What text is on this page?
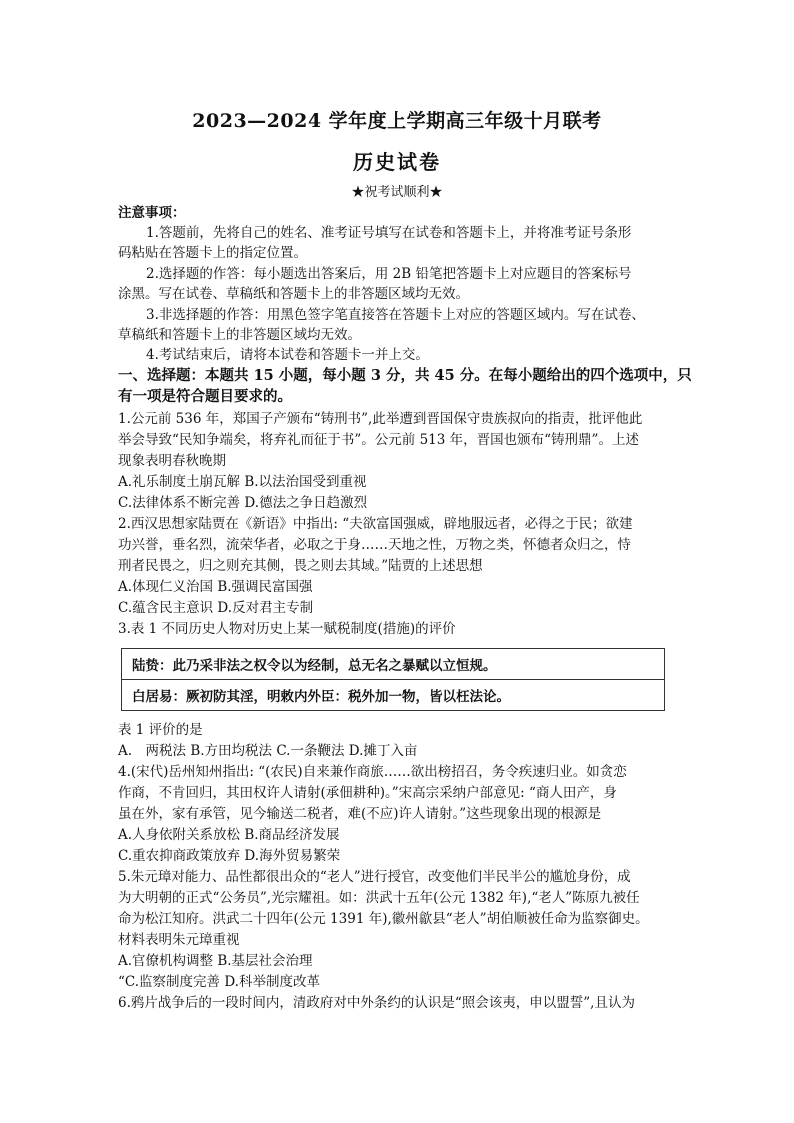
2023—2024 学年度上学期高三年级十月联考
历史试卷
★祝考试顺利★
注意事项：
1.答题前，先将自己的姓名、准考证号填写在试卷和答题卡上，并将准考证号条形
码粘贴在答题卡上的指定位置。
2.选择题的作答：每小题选出答案后，用 2B 铅笔把答题卡上对应题目的答案标号
涂黑。写在试卷、草稿纸和答题卡上的非答题区域均无效。
3.非选择题的作答：用黑色签字笔直接答在答题卡上对应的答题区域内。写在试卷、
草稿纸和答题卡上的非答题区域均无效。
4.考试结束后，请将本试卷和答题卡一并上交。
一、选择题：本题共 15 小题，每小题 3 分，共 45 分。在每小题给出的四个选项中，只
有一项是符合题目要求的。
1.公元前 536 年，郑国子产颁布“铸刑书”,此举遭到晋国保守贵族叔向的指责，批评他此
举会导致“民知争端矣，将弃礼而征于书”。公元前 513 年，晋国也颁布“铸刑鼎”。上述
现象表明春秋晚期
A.礼乐制度土崩瓦解 B.以法治国受到重视
C.法律体系不断完善 D.德法之争日趋激烈
2.西汉思想家陆贾在《新语》中指出: “夫欲富国强威，辟地服远者，必得之于民；欲建
功兴誉，垂名烈，流荣华者，必取之于身……天地之性，万物之类，怀德者众归之，恃
刑者民畏之，归之则充其侧，畏之则去其域。”陆贾的上述思想
A.体现仁义治国 B.强调民富国强
C.蕴含民主意识 D.反对君主专制
3.表 1 不同历史人物对历史上某一赋税制度(措施)的评价
陆贽：此乃采非法之权令以为经制，总无名之暴赋以立恒规。
白居易：厥初防其淫，明敕内外臣：税外加一物，皆以枉法论。
表 1 评价的是
A.　两税法 B.方田均税法 C.一条鞭法 D.摊丁入亩
4.(宋代)岳州知州指出: “(农民)自来兼作商旅……欲出榜招召，务令疾速归业。如贪恋
作商，不肯回归，其田权许人请射(承佃耕种)。”宋高宗采纳户部意见: “商人田产，身
虽在外，家有承管，见今输送二税者，难(不应)许人请射。”这些现象出现的根源是
A.人身依附关系放松 B.商品经济发展
C.重农抑商政策放弃 D.海外贸易繁荣
5.朱元璋对能力、品性都很出众的“老人”进行授官，改变他们半民半公的尴尬身份，成
为大明朝的正式“公务员”,光宗耀祖。如：洪武十五年(公元 1382 年),“老人”陈原九被任
命为松江知府。洪武二十四年(公元 1391 年),徽州歙县“老人”胡伯顺被任命为监察御史。
材料表明朱元璋重视
A.官僚机构调整 B.基层社会治理
“C.监察制度完善 D.科举制度改革
6.鸦片战争后的一段时间内，清政府对中外条约的认识是“照会该夷，申以盟誓”,且认为
